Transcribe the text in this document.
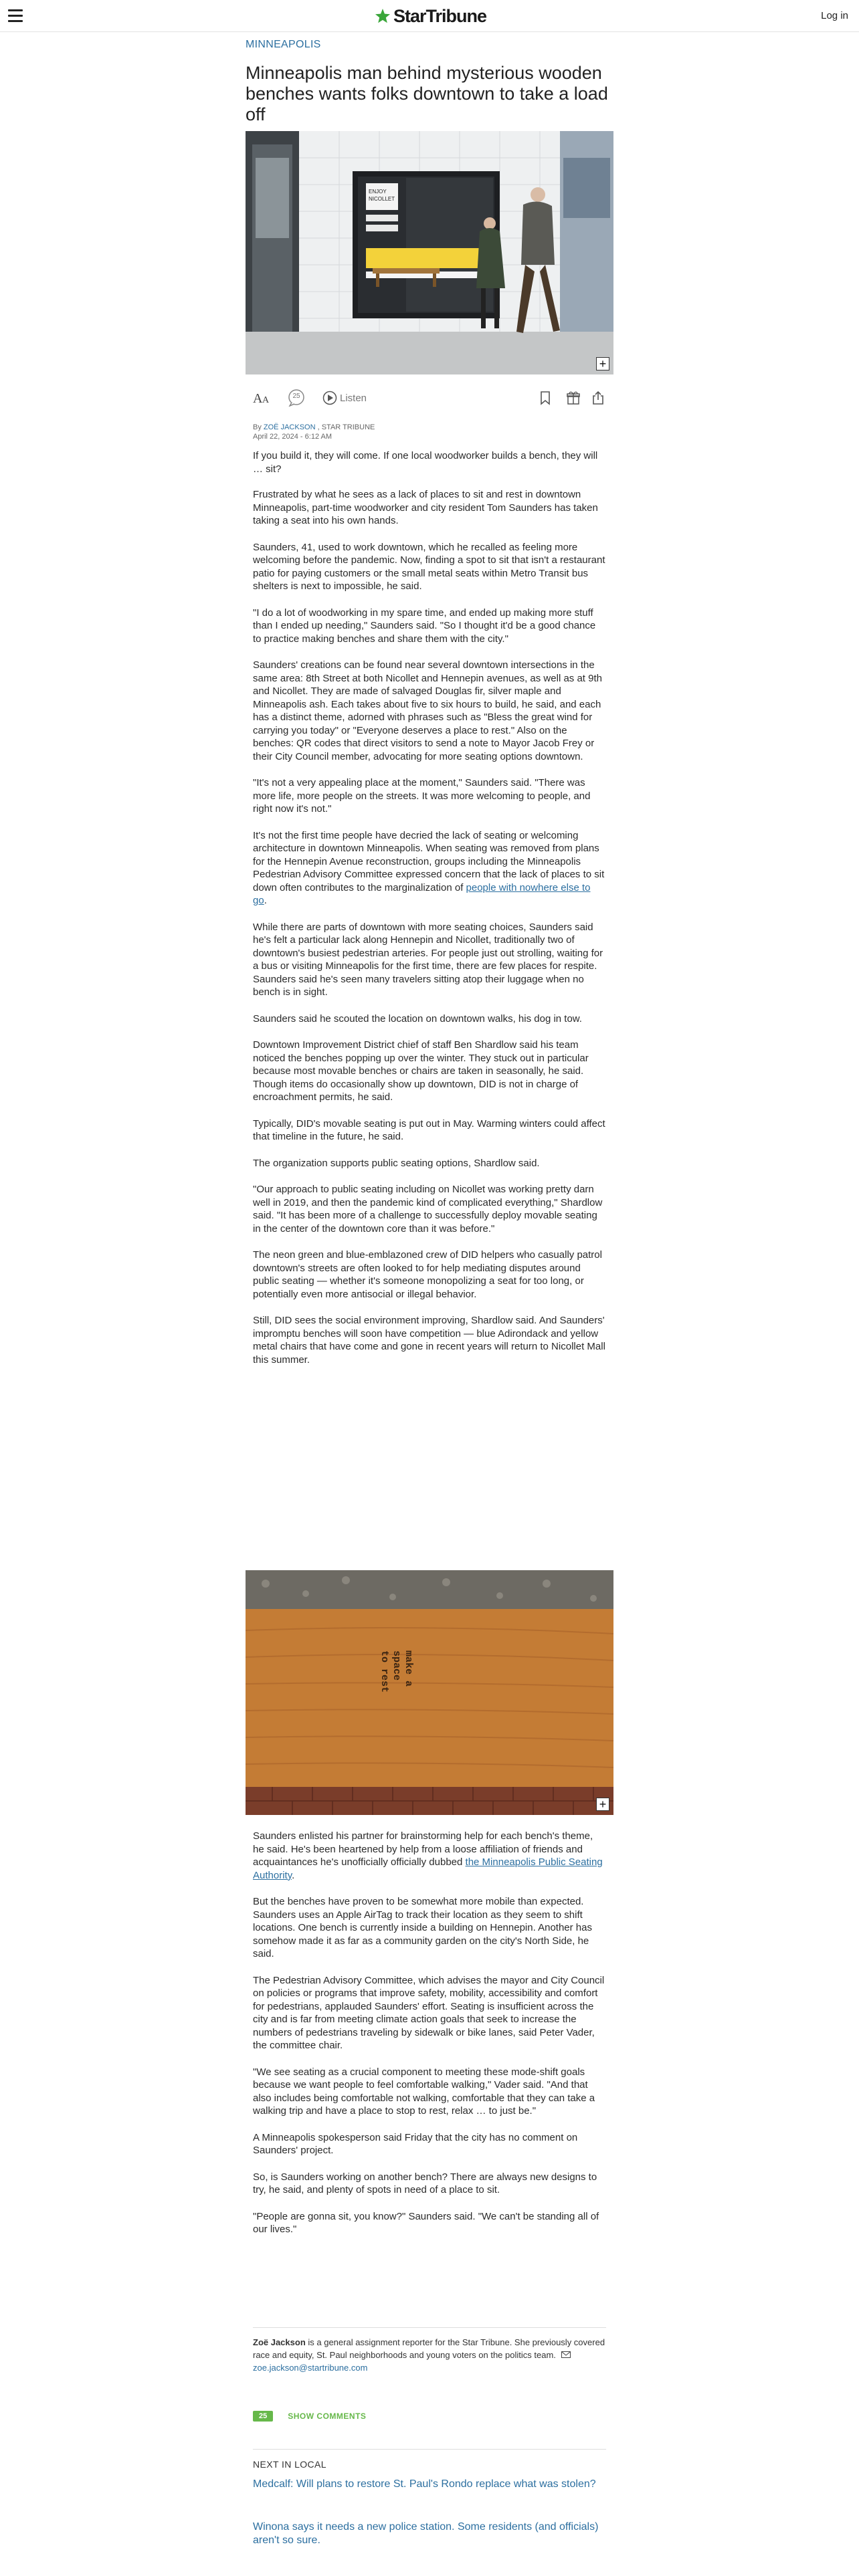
StarTribune	Log in
MINNEAPOLIS
Minneapolis man behind mysterious wooden benches wants folks downtown to take a load off
ENJOY
NICOLLET
+
A A	25	Listen
By ZOË JACKSON , STAR TRIBUNE
April 22, 2024 - 6:12 AM

If you build it, they will come. If one local woodworker builds a bench, they will … sit?

Frustrated by what he sees as a lack of places to sit and rest in downtown Minneapolis, part-time woodworker and city resident Tom Saunders has taken taking a seat into his own hands.

Saunders, 41, used to work downtown, which he recalled as feeling more welcoming before the pandemic. Now, finding a spot to sit that isn't a restaurant patio for paying customers or the small metal seats within Metro Transit bus shelters is next to impossible, he said.

"I do a lot of woodworking in my spare time, and ended up making more stuff than I ended up needing," Saunders said. "So I thought it'd be a good chance to practice making benches and share them with the city."

Saunders' creations can be found near several downtown intersections in the same area: 8th Street at both Nicollet and Hennepin avenues, as well as at 9th and Nicollet. They are made of salvaged Douglas fir, silver maple and Minneapolis ash. Each takes about five to six hours to build, he said, and each has a distinct theme, adorned with phrases such as "Bless the great wind for carrying you today" or "Everyone deserves a place to rest." Also on the benches: QR codes that direct visitors to send a note to Mayor Jacob Frey or their City Council member, advocating for more seating options downtown.

"It's not a very appealing place at the moment," Saunders said. "There was more life, more people on the streets. It was more welcoming to people, and right now it's not."

It's not the first time people have decried the lack of seating or welcoming architecture in downtown Minneapolis. When seating was removed from plans for the Hennepin Avenue reconstruction, groups including the Minneapolis Pedestrian Advisory Committee expressed concern that the lack of places to sit down often contributes to the marginalization of people with nowhere else to go.

While there are parts of downtown with more seating choices, Saunders said he's felt a particular lack along Hennepin and Nicollet, traditionally two of downtown's busiest pedestrian arteries. For people just out strolling, waiting for a bus or visiting Minneapolis for the first time, there are few places for respite. Saunders said he's seen many travelers sitting atop their luggage when no bench is in sight.

Saunders said he scouted the location on downtown walks, his dog in tow.

Downtown Improvement District chief of staff Ben Shardlow said his team noticed the benches popping up over the winter. They stuck out in particular because most movable benches or chairs are taken in seasonally, he said. Though items do occasionally show up downtown, DID is not in charge of encroachment permits, he said.

Typically, DID's movable seating is put out in May. Warming winters could affect that timeline in the future, he said.

The organization supports public seating options, Shardlow said.

"Our approach to public seating including on Nicollet was working pretty darn well in 2019, and then the pandemic kind of complicated everything," Shardlow said. "It has been more of a challenge to successfully deploy movable seating in the center of the downtown core than it was before."

The neon green and blue-emblazoned crew of DID helpers who casually patrol downtown's streets are often looked to for help mediating disputes around public seating — whether it's someone monopolizing a seat for too long, or potentially even more antisocial or illegal behavior.

Still, DID sees the social environment improving, Shardlow said. And Saunders' impromptu benches will soon have competition — blue Adirondack and yellow metal chairs that have come and gone in recent years will return to Nicollet Mall this summer.

make a
space
to rest
+

Saunders enlisted his partner for brainstorming help for each bench's theme, he said. He's been heartened by help from a loose affiliation of friends and acquaintances he's unofficially officially dubbed the Minneapolis Public Seating Authority.

But the benches have proven to be somewhat more mobile than expected. Saunders uses an Apple AirTag to track their location as they seem to shift locations. One bench is currently inside a building on Hennepin. Another has somehow made it as far as a community garden on the city's North Side, he said.

The Pedestrian Advisory Committee, which advises the mayor and City Council on policies or programs that improve safety, mobility, accessibility and comfort for pedestrians, applauded Saunders' effort. Seating is insufficient across the city and is far from meeting climate action goals that seek to increase the numbers of pedestrians traveling by sidewalk or bike lanes, said Peter Vader, the committee chair.

"We see seating as a crucial component to meeting these mode-shift goals because we want people to feel comfortable walking," Vader said. "And that also includes being comfortable not walking, comfortable that they can take a walking trip and have a place to stop to rest, relax … to just be."

A Minneapolis spokesperson said Friday that the city has no comment on Saunders' project.

So, is Saunders working on another bench? There are always new designs to try, he said, and plenty of spots in need of a place to sit.

"People are gonna sit, you know?" Saunders said. "We can't be standing all of our lives."

Zoë Jackson is a general assignment reporter for the Star Tribune. She previously covered race and equity, St. Paul neighborhoods and young voters on the politics team.  zoe.jackson@startribune.com
25	SHOW COMMENTS
NEXT IN LOCAL
Medcalf: Will plans to restore St. Paul's Rondo replace what was stolen?
Winona says it needs a new police station. Some residents (and officials) aren't so sure.
